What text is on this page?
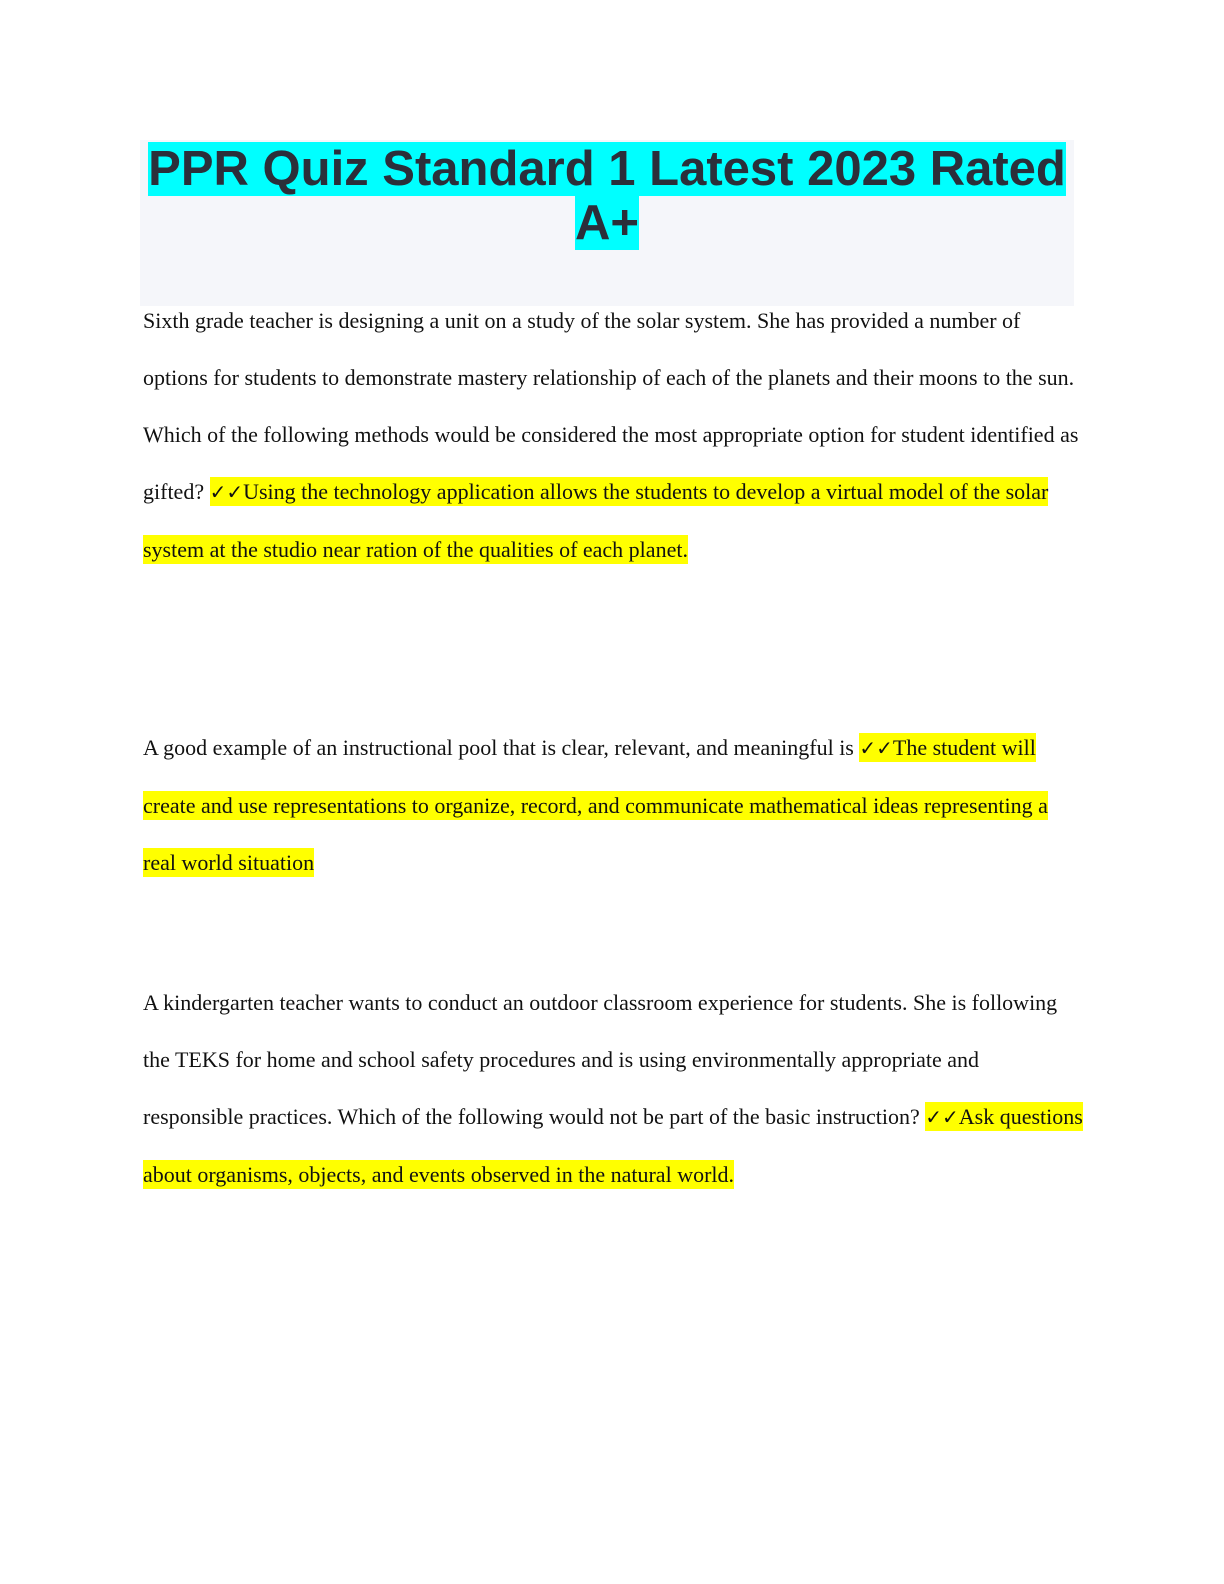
PPR Quiz Standard 1 Latest 2023 Rated A+

Sixth grade teacher is designing a unit on a study of the solar system. She has provided a number of options for students to demonstrate mastery relationship of each of the planets and their moons to the sun. Which of the following methods would be considered the most appropriate option for student identified as gifted? ✓✓Using the technology application allows the students to develop a virtual model of the solar system at the studio near ration of the qualities of each planet.

A good example of an instructional pool that is clear, relevant, and meaningful is ✓✓The student will create and use representations to organize, record, and communicate mathematical ideas representing a real world situation

A kindergarten teacher wants to conduct an outdoor classroom experience for students. She is following the TEKS for home and school safety procedures and is using environmentally appropriate and responsible practices. Which of the following would not be part of the basic instruction? ✓✓Ask questions about organisms, objects, and events observed in the natural world.
